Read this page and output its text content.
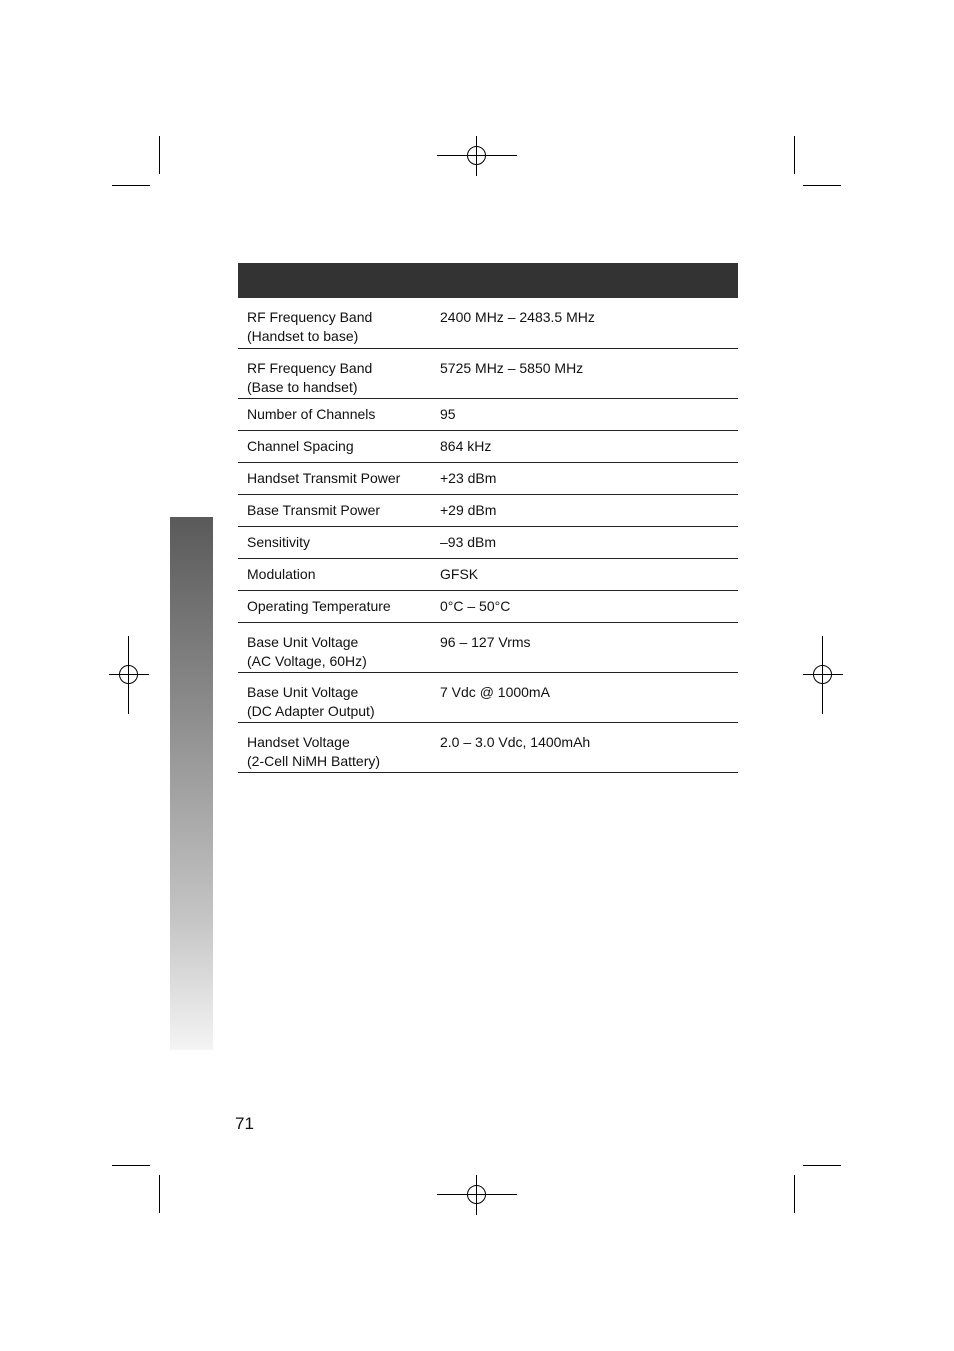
RF Frequency Band
(Handset to base)	2400 MHz – 2483.5 MHz

RF Frequency Band
(Base to handset)	5725 MHz – 5850 MHz

Number of Channels	95

Channel Spacing	864 kHz

Handset Transmit Power	+23 dBm

Base Transmit Power	+29 dBm

Sensitivity	–93 dBm

Modulation	GFSK

Operating Temperature	0°C – 50°C

Base Unit Voltage
(AC Voltage, 60Hz)	96 – 127 Vrms

Base Unit Voltage
(DC Adapter Output)	7 Vdc @ 1000mA

Handset Voltage
(2-Cell NiMH Battery)	2.0 – 3.0 Vdc, 1400mAh
71
